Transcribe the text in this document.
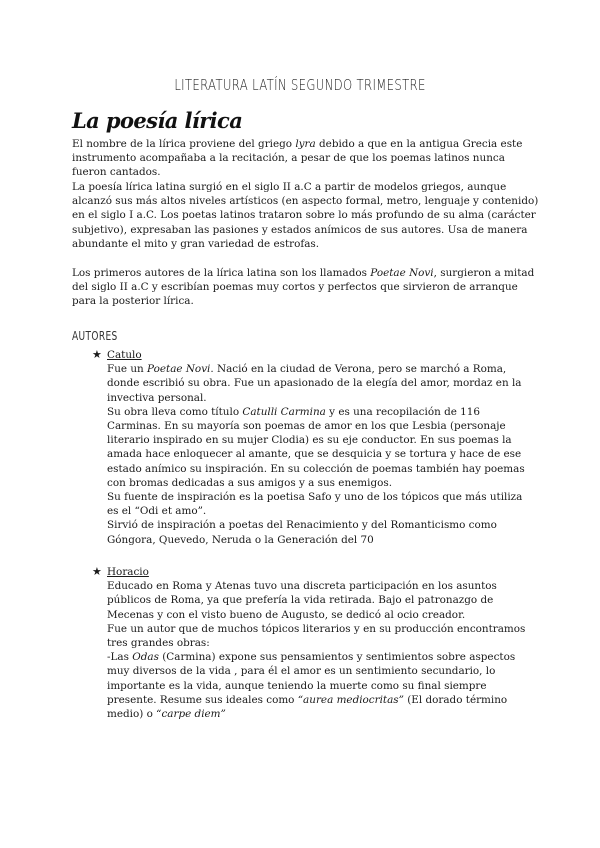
LITERATURA LATÍN SEGUNDO TRIMESTRE
La poesía lírica

El nombre de la lírica proviene del griego lyra debido a que en la antigua Grecia este instrumento acompañaba a la recitación, a pesar de que los poemas latinos nunca fueron cantados.

La poesía lírica latina surgió en el siglo II a.C a partir de modelos griegos, aunque alcanzó sus más altos niveles artísticos (en aspecto formal, metro, lenguaje y contenido) en el siglo I a.C. Los poetas latinos trataron sobre lo más profundo de su alma (carácter subjetivo), expresaban las pasiones y estados anímicos de sus autores. Usa de manera abundante el mito y gran variedad de estrofas.

Los primeros autores de la lírica latina son los llamados Poetae Novi, surgieron a mitad del siglo II a.C y escribían poemas muy cortos y perfectos que sirvieron de arranque para la posterior lírica.

AUTORES
★ Catulo

Fue un Poetae Novi. Nació en la ciudad de Verona, pero se marchó a Roma, donde escribió su obra. Fue un apasionado de la elegía del amor, mordaz en la invectiva personal.

Su obra lleva como título Catulli Carmina y es una recopilación de 116 Carminas. En su mayoría son poemas de amor en los que Lesbia (personaje literario inspirado en su mujer Clodia) es su eje conductor. En sus poemas la amada hace enloquecer al amante, que se desquicia y se tortura y hace de ese estado anímico su inspiración. En su colección de poemas también hay poemas con bromas dedicadas a sus amigos y a sus enemigos.

Su fuente de inspiración es la poetisa Safo y uno de los tópicos que más utiliza es el “Odi et amo”.

Sirvió de inspiración a poetas del Renacimiento y del Romanticismo como Góngora, Quevedo, Neruda o la Generación del 70

★ Horacio

Educado en Roma y Atenas tuvo una discreta participación en los asuntos públicos de Roma, ya que prefería la vida retirada. Bajo el patronazgo de Mecenas y con el visto bueno de Augusto, se dedicó al ocio creador.

Fue un autor que de muchos tópicos literarios y en su producción encontramos tres grandes obras:

-Las Odas (Carmina) expone sus pensamientos y sentimientos sobre aspectos muy diversos de la vida , para él el amor es un sentimiento secundario, lo importante es la vida, aunque teniendo la muerte como su final siempre presente. Resume sus ideales como “aurea mediocritas” (El dorado término medio) o “carpe diem”
